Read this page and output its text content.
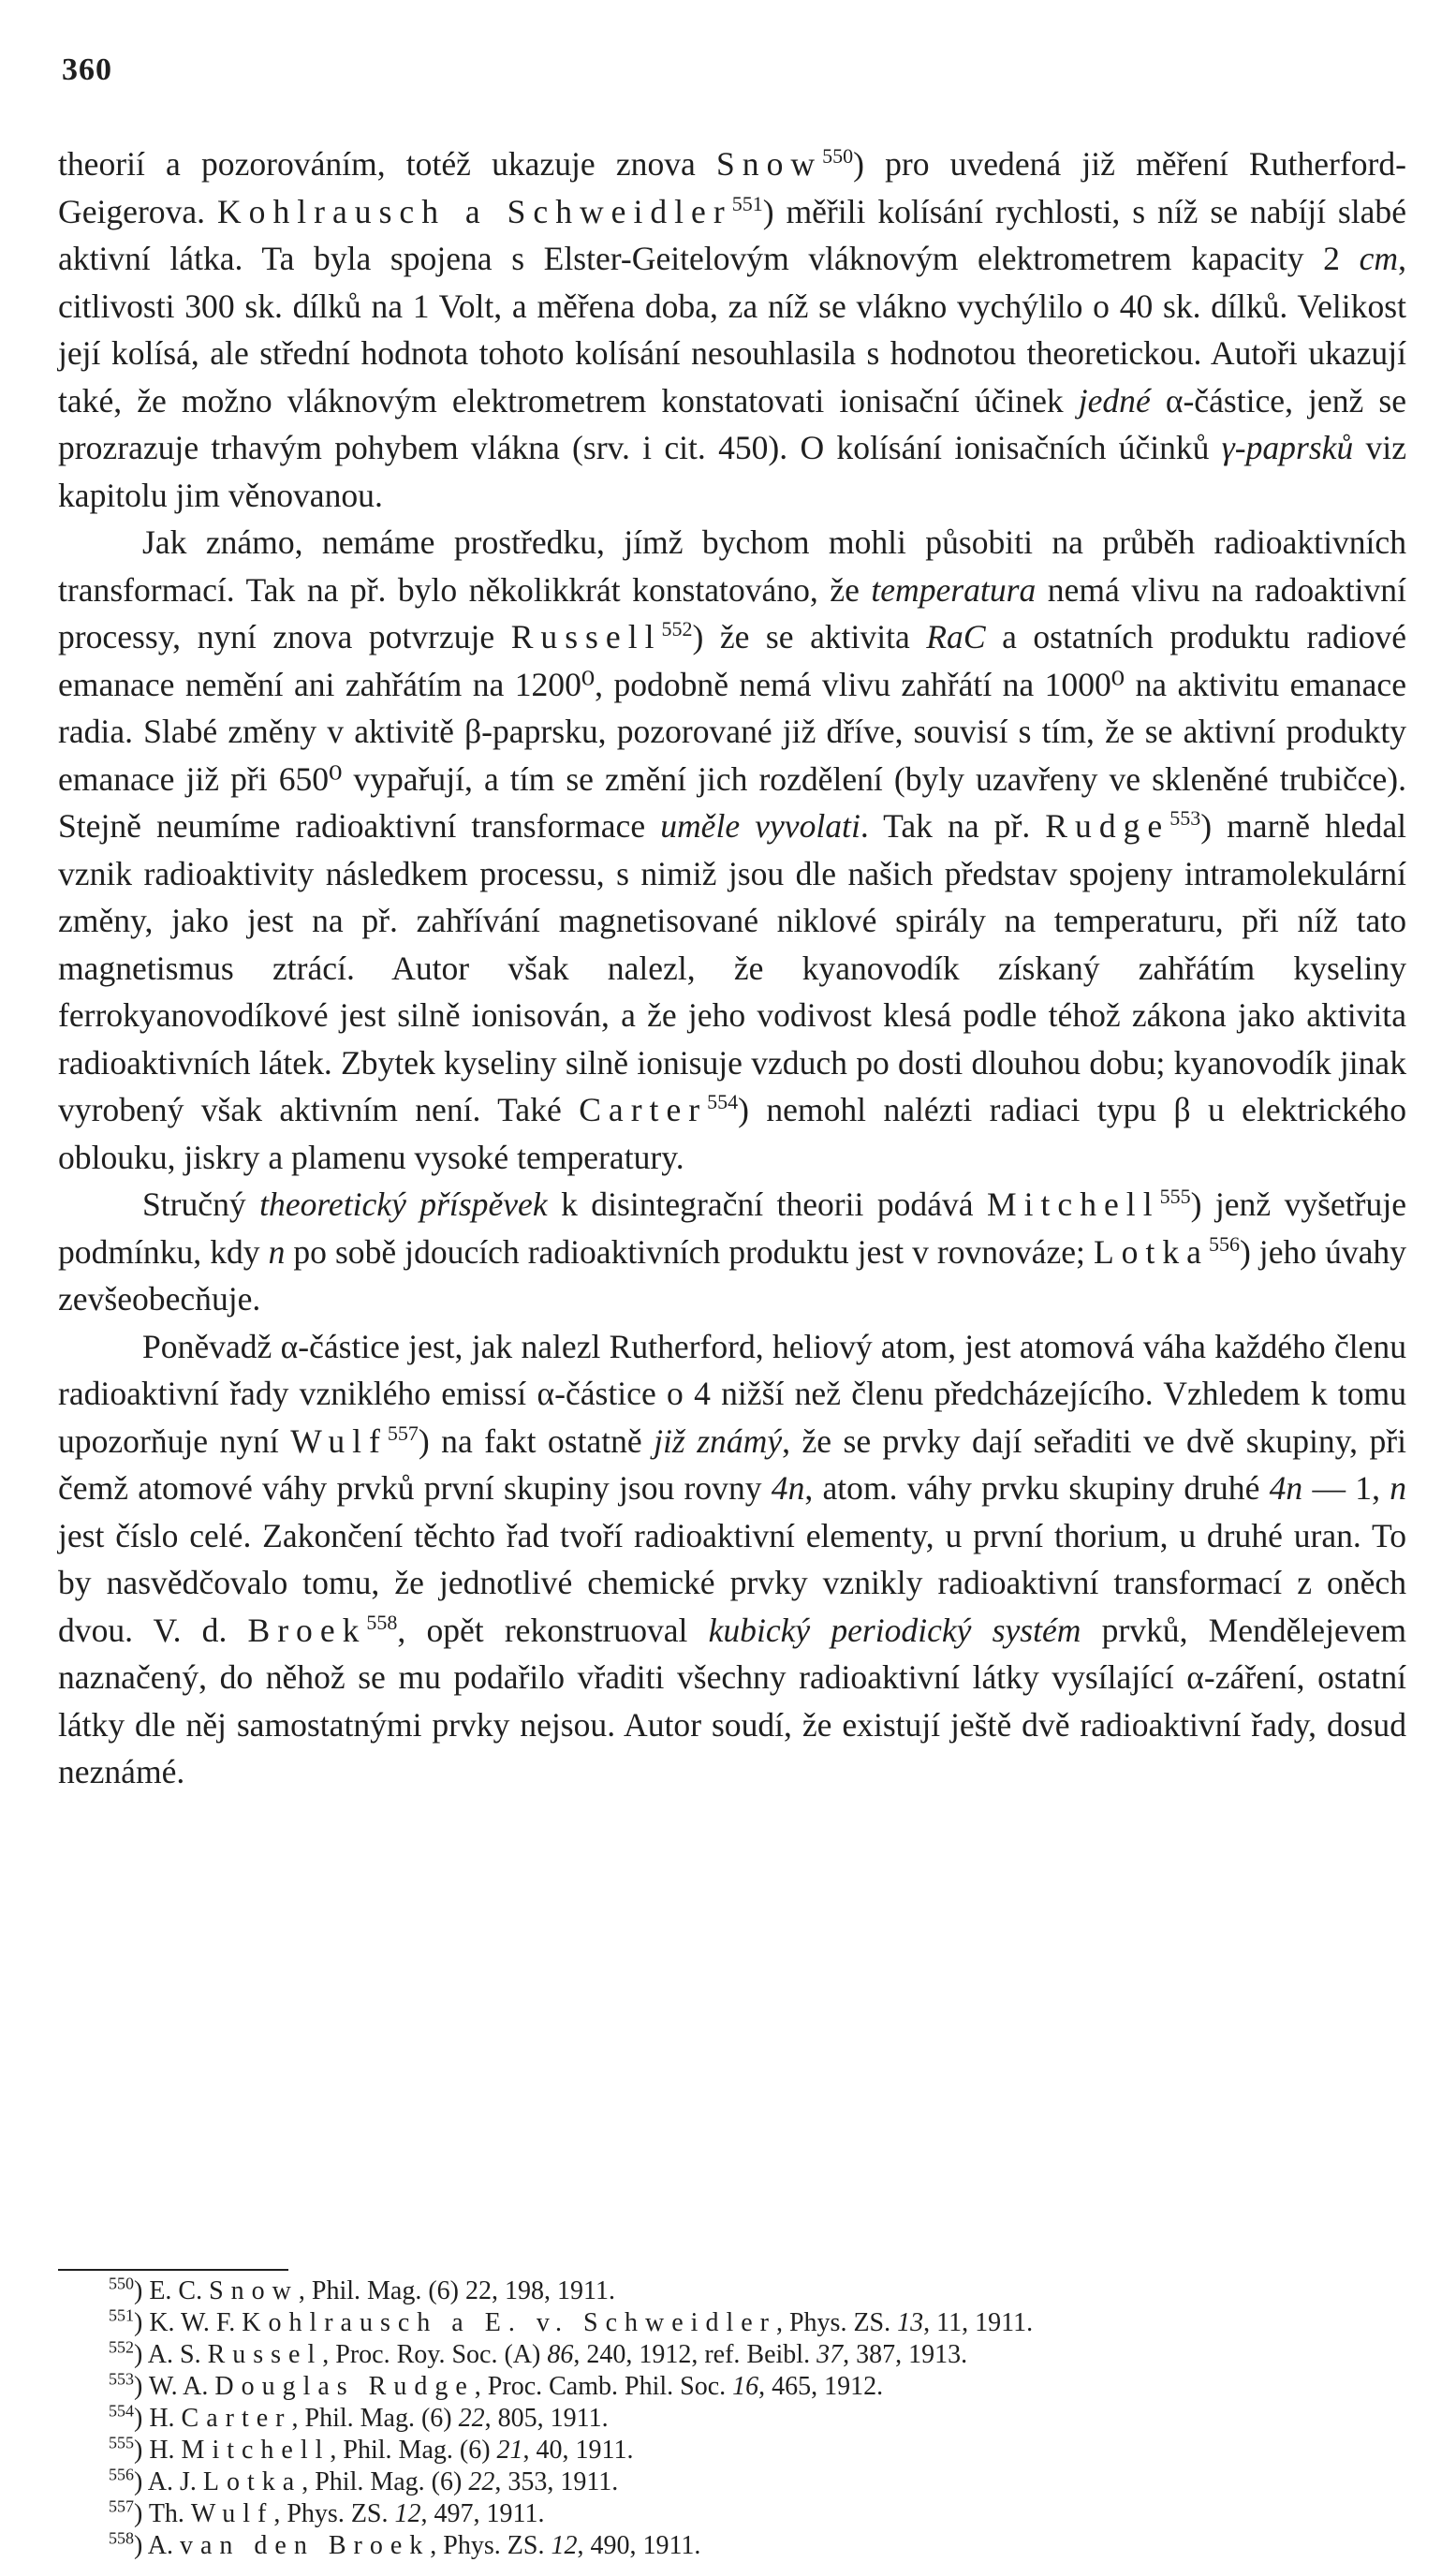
360

theorií a pozorováním, totéž ukazuje znova Snow$^{550}$) pro uvedená již měření Rutherford-Geigerova. Kohlrausch a Schweidler$^{551}$) měřili kolísání rychlosti, s níž se nabíjí slabé aktivní látka. Ta byla spojena s Elster-Geitelovým vláknovým elektrometrem kapacity 2 cm, citlivosti 300 sk. dílků na 1 Volt, a měřena doba, za níž se vlákno vychýlilo o 40 sk. dílků. Velikost její kolísá, ale střední hodnota tohoto kolísání nesouhlasila s hodnotou theoretickou. Autoři ukazují také, že možno vláknovým elektrometrem konstatovati ionisační účinek jedné α-částice, jenž se prozrazuje trhavým pohybem vlákna (srv. i cit. 450). O kolísání ionisačních účinků γ-paprsků viz kapitolu jim věnovanou.

Jak známo, nemáme prostředku, jímž bychom mohli působiti na průběh radioaktivních transformací. Tak na př. bylo několikkrát konstatováno, že temperatura nemá vlivu na radoaktivní processy, nyní znova potvrzuje Russell$^{552}$) že se aktivita RaC a ostatních produktu radiové emanace nemění ani zahřátím na 1200⁰, podobně nemá vlivu zahřátí na 1000⁰ na aktivitu emanace radia. Slabé změny v aktivitě β-paprsku, pozorované již dříve, souvisí s tím, že se aktivní produkty emanace již při 650⁰ vypařují, a tím se změní jich rozdělení (byly uzavřeny ve skleněné trubičce). Stejně neumíme radioaktivní transformace uměle vyvolati. Tak na př. Rudge$^{553}$) marně hledal vznik radioaktivity následkem processu, s nimiž jsou dle našich představ spojeny intramolekulární změny, jako jest na př. zahřívání magnetisované niklové spirály na temperaturu, při níž tato magnetismus ztrácí. Autor však nalezl, že kyanovodík získaný zahřátím kyseliny ferrokyanovodíkové jest silně ionisován, a že jeho vodivost klesá podle téhož zákona jako aktivita radioaktivních látek. Zbytek kyseliny silně ionisuje vzduch po dosti dlouhou dobu; kyanovodík jinak vyrobený však aktivním není. Také Carter$^{554}$) nemohl nalézti radiaci typu β u elektrického oblouku, jiskry a plamenu vysoké temperatury.

Stručný theoretický příspěvek k disintegrační theorii podává Mitchell$^{555}$) jenž vyšetřuje podmínku, kdy n po sobě jdoucích radioaktivních produktu jest v rovnováze; Lotka$^{556}$) jeho úvahy zevšeobecňuje.

Poněvadž α-částice jest, jak nalezl Rutherford, heliový atom, jest atomová váha každého členu radioaktivní řady vzniklého emissí α-částice o 4 nižší než členu předcházejícího. Vzhledem k tomu upozorňuje nyní Wulf$^{557}$) na fakt ostatně již známý, že se prvky dají seřaditi ve dvě skupiny, při čemž atomové váhy prvků první skupiny jsou rovny 4n, atom. váhy prvku skupiny druhé 4n — 1, n jest číslo celé. Zakončení těchto řad tvoří radioaktivní elementy, u první thorium, u druhé uran. To by nasvědčovalo tomu, že jednotlivé chemické prvky vznikly radioaktivní transformací z oněch dvou. V. d. Broek$^{558}$, opět rekonstruoval kubický periodický systém prvků, Mendělejevem naznačený, do něhož se mu podařilo vřaditi všechny radioaktivní látky vysílající α-záření, ostatní látky dle něj samostatnými prvky nejsou. Autor soudí, že existují ještě dvě radioaktivní řady, dosud neznámé.

$^{550}$) E. C. Snow, Phil. Mag. (6) 22, 198, 1911.

$^{551}$) K. W. F. Kohlrausch a E. v. Schweidler, Phys. ZS. 13, 11, 1911.

$^{552}$) A. S. Russel, Proc. Roy. Soc. (A) 86, 240, 1912, ref. Beibl. 37, 387, 1913.

$^{553}$) W. A. Douglas Rudge, Proc. Camb. Phil. Soc. 16, 465, 1912.

$^{554}$) H. Carter, Phil. Mag. (6) 22, 805, 1911.

$^{555}$) H. Mitchell, Phil. Mag. (6) 21, 40, 1911.

$^{556}$) A. J. Lotka, Phil. Mag. (6) 22, 353, 1911.

$^{557}$) Th. Wulf, Phys. ZS. 12, 497, 1911.

$^{558}$) A. van den Broek, Phys. ZS. 12, 490, 1911.
